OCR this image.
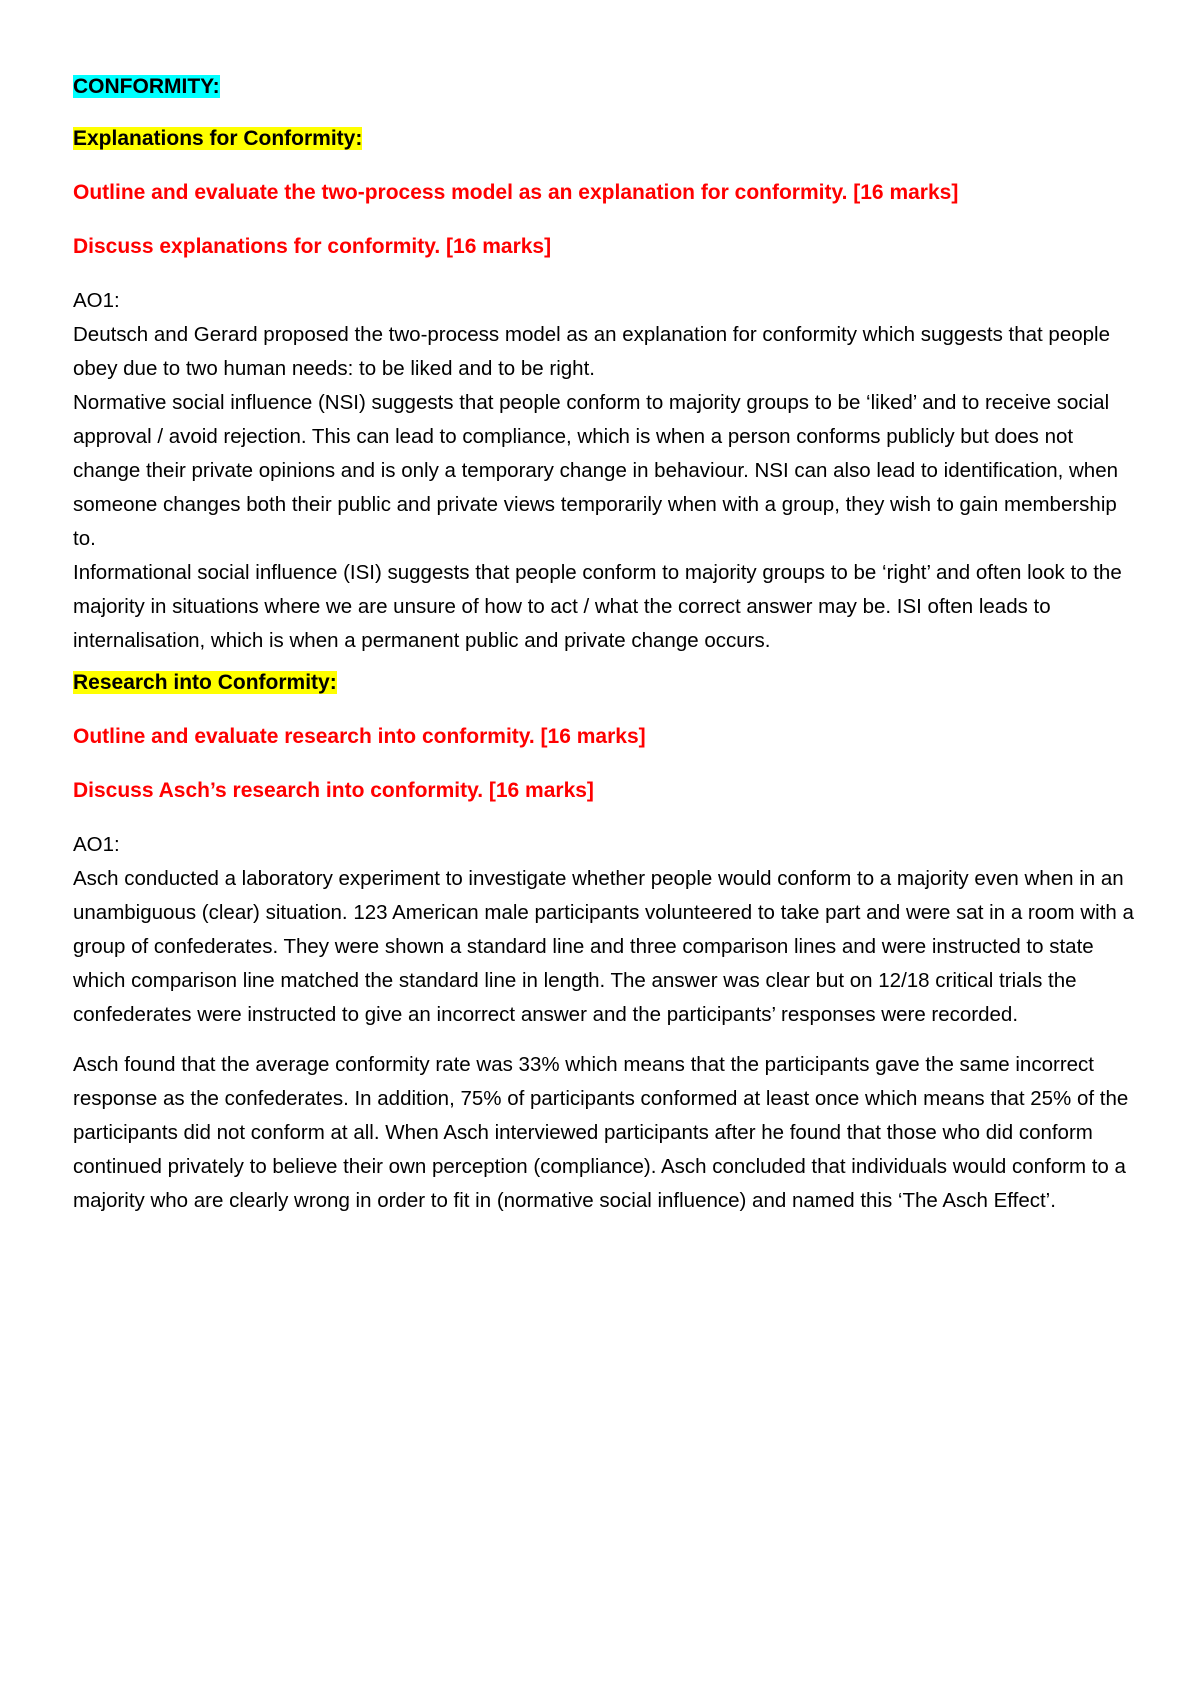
CONFORMITY:
Explanations for Conformity:
Outline and evaluate the two-process model as an explanation for conformity. [16 marks]
Discuss explanations for conformity. [16 marks]

AO1:

Deutsch and Gerard proposed the two-process model as an explanation for conformity which suggests that people obey due to two human needs: to be liked and to be right.

Normative social influence (NSI) suggests that people conform to majority groups to be ‘liked’ and to receive social approval / avoid rejection. This can lead to compliance, which is when a person conforms publicly but does not change their private opinions and is only a temporary change in behaviour. NSI can also lead to identification, when someone changes both their public and private views temporarily when with a group, they wish to gain membership to.

Informational social influence (ISI) suggests that people conform to majority groups to be ‘right’ and often look to the majority in situations where we are unsure of how to act / what the correct answer may be. ISI often leads to internalisation, which is when a permanent public and private change occurs.

Research into Conformity:
Outline and evaluate research into conformity. [16 marks]
Discuss Asch’s research into conformity. [16 marks]

AO1:

Asch conducted a laboratory experiment to investigate whether people would conform to a majority even when in an unambiguous (clear) situation. 123 American male participants volunteered to take part and were sat in a room with a group of confederates. They were shown a standard line and three comparison lines and were instructed to state which comparison line matched the standard line in length. The answer was clear but on 12/18 critical trials the confederates were instructed to give an incorrect answer and the participants’ responses were recorded.

Asch found that the average conformity rate was 33% which means that the participants gave the same incorrect response as the confederates. In addition, 75% of participants conformed at least once which means that 25% of the participants did not conform at all. When Asch interviewed participants after he found that those who did conform continued privately to believe their own perception (compliance). Asch concluded that individuals would conform to a majority who are clearly wrong in order to fit in (normative social influence) and named this ‘The Asch Effect’.
